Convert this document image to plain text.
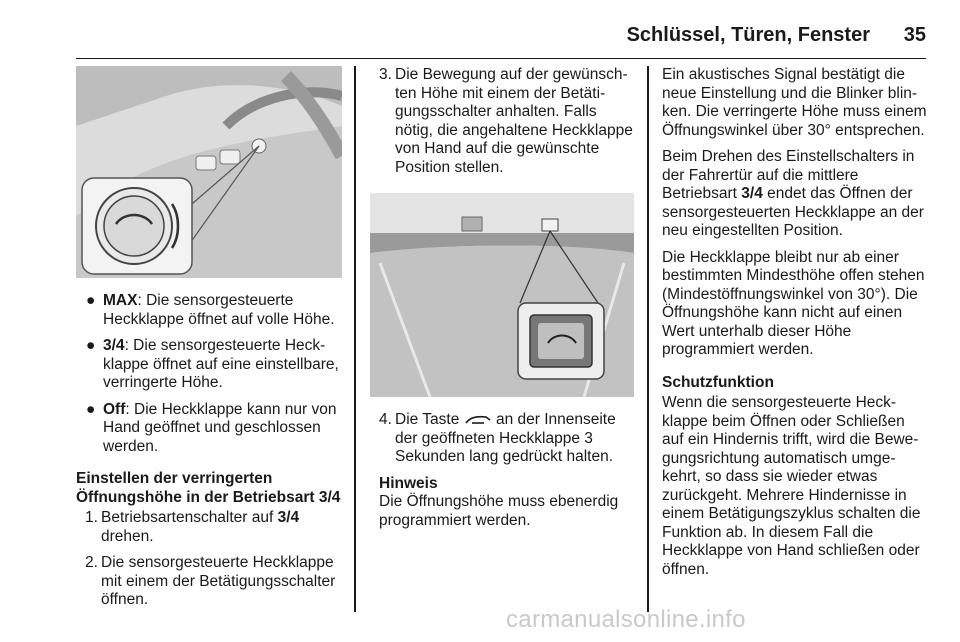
Schlüssel, Türen, Fenster 35
● MAX: Die sensorgesteuerte Heckklappe öffnet auf volle Höhe.
● 3/4: Die sensorgesteuerte Heckklappe öffnet auf eine einstellbare, verringerte Höhe.
● Off: Die Heckklappe kann nur von Hand geöffnet und geschlossen werden.
Einstellen der verringerten Öffnungshöhe in der Betriebsart 3/4
1. Betriebsartenschalter auf 3/4 drehen.
2. Die sensorgesteuerte Heckklappe mit einem der Betätigungsschalter öffnen.
3. Die Bewegung auf der gewünschten Höhe mit einem der Betätigungsschalter anhalten. Falls nötig, die angehaltene Heckklappe von Hand auf die gewünschte Position stellen.
4. Die Taste  an der Innenseite der geöffneten Heckklappe 3 Sekunden lang gedrückt halten.
Hinweis
Die Öffnungshöhe muss ebenerdig programmiert werden.

Ein akustisches Signal bestätigt die neue Einstellung und die Blinker blinken. Die verringerte Höhe muss einem Öffnungswinkel über 30° entsprechen.

Beim Drehen des Einstellschalters in der Fahrertür auf die mittlere Betriebsart 3/4 endet das Öffnen der sensorgesteuerten Heckklappe an der neu eingestellten Position.

Die Heckklappe bleibt nur ab einer bestimmten Mindesthöhe offen stehen (Mindestöffnungswinkel von 30°). Die Öffnungshöhe kann nicht auf einen Wert unterhalb dieser Höhe programmiert werden.

Schutzfunktion

Wenn die sensorgesteuerte Heckklappe beim Öffnen oder Schließen auf ein Hindernis trifft, wird die Bewegungsrichtung automatisch umgekehrt, so dass sie wieder etwas zurückgeht. Mehrere Hindernisse in einem Betätigungszyklus schalten die Funktion ab. In diesem Fall die Heckklappe von Hand schließen oder öffnen.

carmanualsonline.info
